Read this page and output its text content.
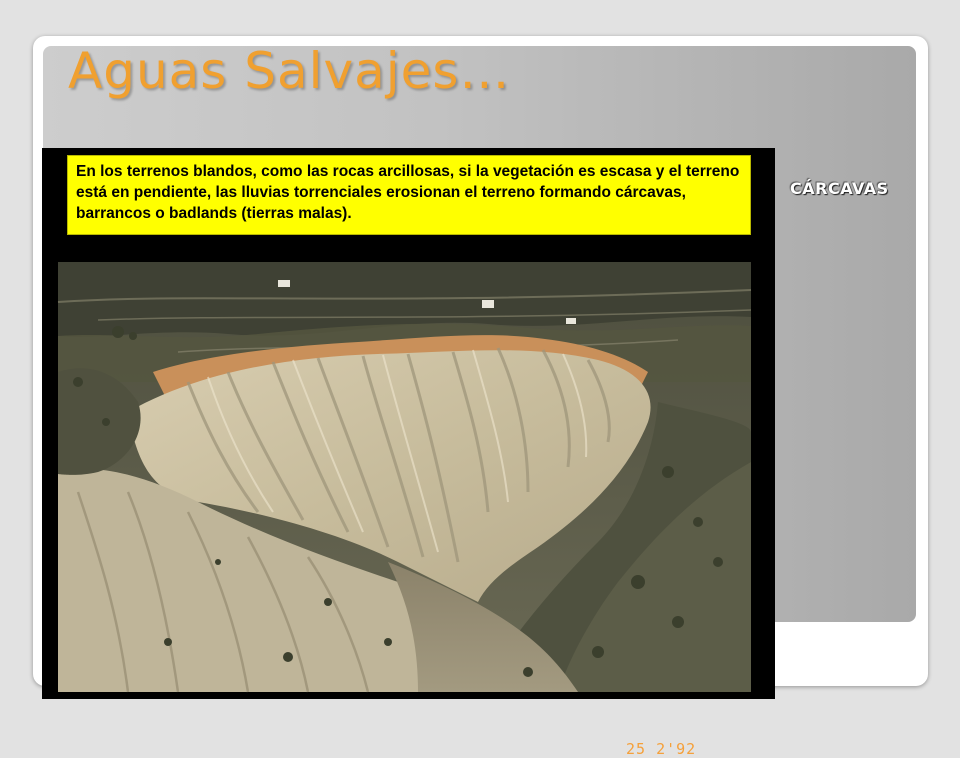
Aguas Salvajes…
CÁRCAVAS
En los terrenos blandos, como las rocas arcillosas, si la vegetación es escasa y el terreno está en pendiente, las lluvias torrenciales erosionan el terreno formando cárcavas, barrancos o badlands (tierras malas).
25 2'92
